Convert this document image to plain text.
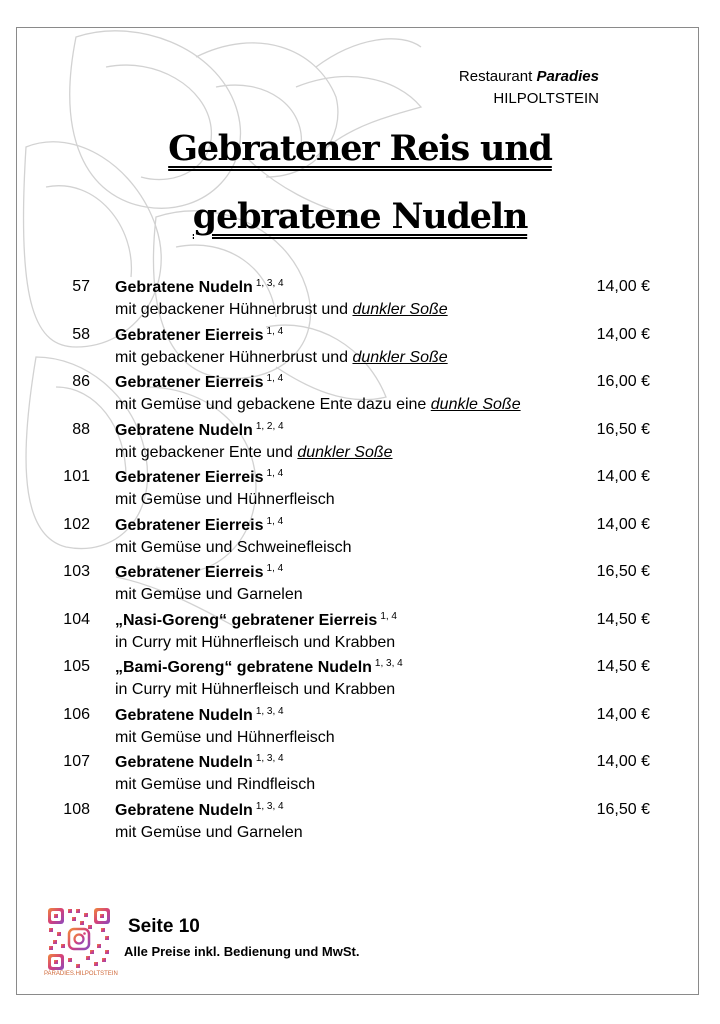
Restaurant Paradies
HILPOLTSTEIN
Gebratener Reis und
gebratene Nudeln
57 Gebratene Nudeln $^{1, 3, 4}$	14,00 €
mit gebackener Hühnerbrust und dunkler Soße
58 Gebratener Eierreis $^{1, 4}$	14,00 €
mit gebackener Hühnerbrust und dunkler Soße
86 Gebratener Eierreis $^{1, 4}$	16,00 €
mit Gemüse und gebackene Ente dazu eine dunkle Soße
88 Gebratene Nudeln $^{1, 2, 4}$	16,50 €
mit gebackener Ente und dunkler Soße
101 Gebratener Eierreis $^{1, 4}$	14,00 €
mit Gemüse und Hühnerfleisch
102 Gebratener Eierreis $^{1, 4}$	14,00 €
mit Gemüse und Schweinefleisch
103 Gebratener Eierreis $^{1, 4}$	16,50 €
mit Gemüse und Garnelen
104 „Nasi-Goreng“ gebratener Eierreis $^{1, 4}$	14,50 €
in Curry mit Hühnerfleisch und Krabben
105 „Bami-Goreng“ gebratene Nudeln $^{1, 3, 4}$	14,50 €
in Curry mit Hühnerfleisch und Krabben
106 Gebratene Nudeln $^{1, 3, 4}$	14,00 €
mit Gemüse und Hühnerfleisch
107 Gebratene Nudeln $^{1, 3, 4}$	14,00 €
mit Gemüse und Rindfleisch
108 Gebratene Nudeln $^{1, 3, 4}$	16,50 €
mit Gemüse und Garnelen
PARADIES.HILPOLTSTEIN
Seite 10
Alle Preise inkl. Bedienung und MwSt.
